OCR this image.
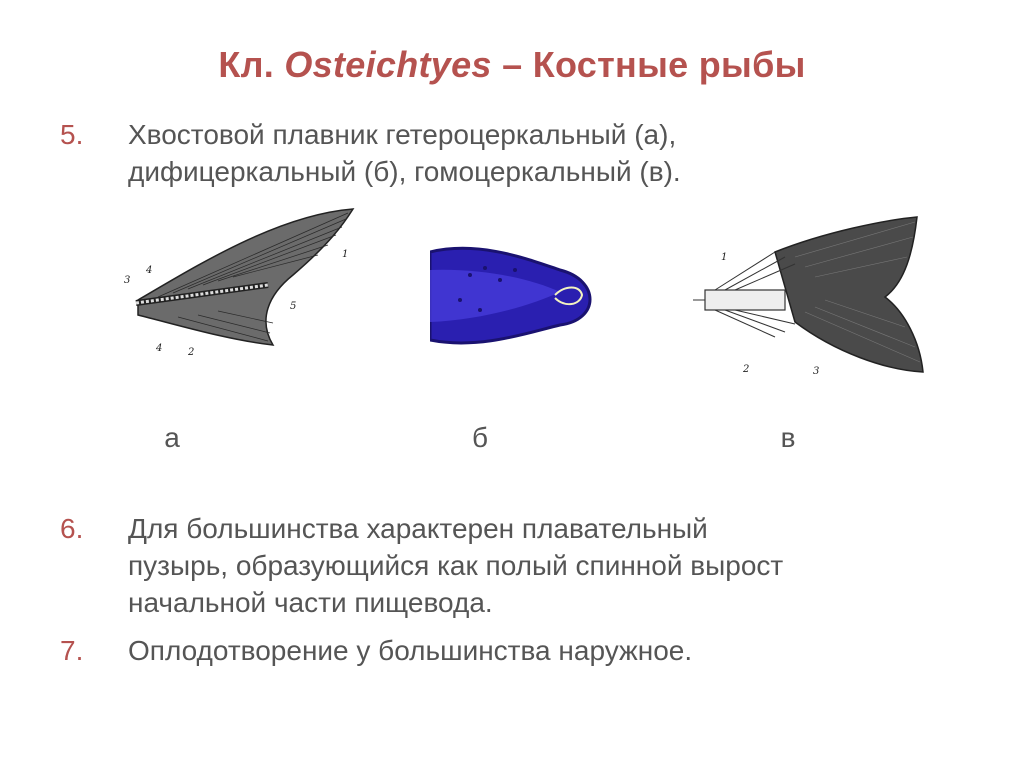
Кл. Osteichtyes – Костные рыбы
5.	Хвостовой плавник гетероцеркальный (а),
дифицеркальный (б), гомоцеркальный (в).
3
4
1
5
4	2
1
2	3
а	б	в
6.	Для большинства характерен плавательный
пузырь, образующийся как полый спинной вырост
начальной части пищевода.
7.	Оплодотворение у большинства наружное.
